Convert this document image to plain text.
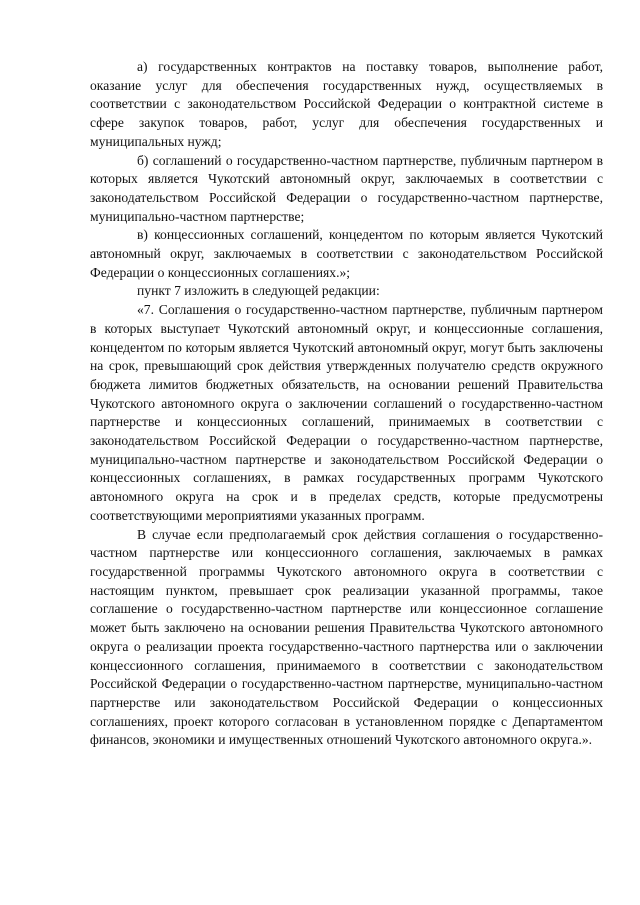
а) государственных контрактов на поставку товаров, выполнение работ, оказание услуг для обеспечения государственных нужд, осуществляемых в соответствии с законодательством Российской Федерации о контрактной системе в сфере закупок товаров, работ, услуг для обеспечения государственных и муниципальных нужд;

б) соглашений о государственно-частном партнерстве, публичным партнером в которых является Чукотский автономный округ, заключаемых в соответствии с законодательством Российской Федерации о государственно-частном партнерстве, муниципально-частном партнерстве;

в) концессионных соглашений, концедентом по которым является Чукотский автономный округ, заключаемых в соответствии с законодательством Российской Федерации о концессионных соглашениях.»;

пункт 7 изложить в следующей редакции:

«7. Соглашения о государственно-частном партнерстве, публичным партнером в которых выступает Чукотский автономный округ, и концессионные соглашения, концедентом по которым является Чукотский автономный округ, могут быть заключены на срок, превышающий срок действия утвержденных получателю средств окружного бюджета лимитов бюджетных обязательств, на основании решений Правительства Чукотского автономного округа о заключении соглашений о государственно-частном партнерстве и концессионных соглашений, принимаемых в соответствии с законодательством Российской Федерации о государственно-частном партнерстве, муниципально-частном партнерстве и законодательством Российской Федерации о концессионных соглашениях, в рамках государственных программ Чукотского автономного округа на срок и в пределах средств, которые предусмотрены соответствующими мероприятиями указанных программ.

В случае если предполагаемый срок действия соглашения о государственно-частном партнерстве или концессионного соглашения, заключаемых в рамках государственной программы Чукотского автономного округа в соответствии с настоящим пунктом, превышает срок реализации указанной программы, такое соглашение о государственно-частном партнерстве или концессионное соглашение может быть заключено на основании решения Правительства Чукотского автономного округа о реализации проекта государственно-частного партнерства или о заключении концессионного соглашения, принимаемого в соответствии с законодательством Российской Федерации о государственно-частном партнерстве, муниципально-частном партнерстве или законодательством Российской Федерации о концессионных соглашениях, проект которого согласован в установленном порядке с Департаментом финансов, экономики и имущественных отношений Чукотского автономного округа.».
